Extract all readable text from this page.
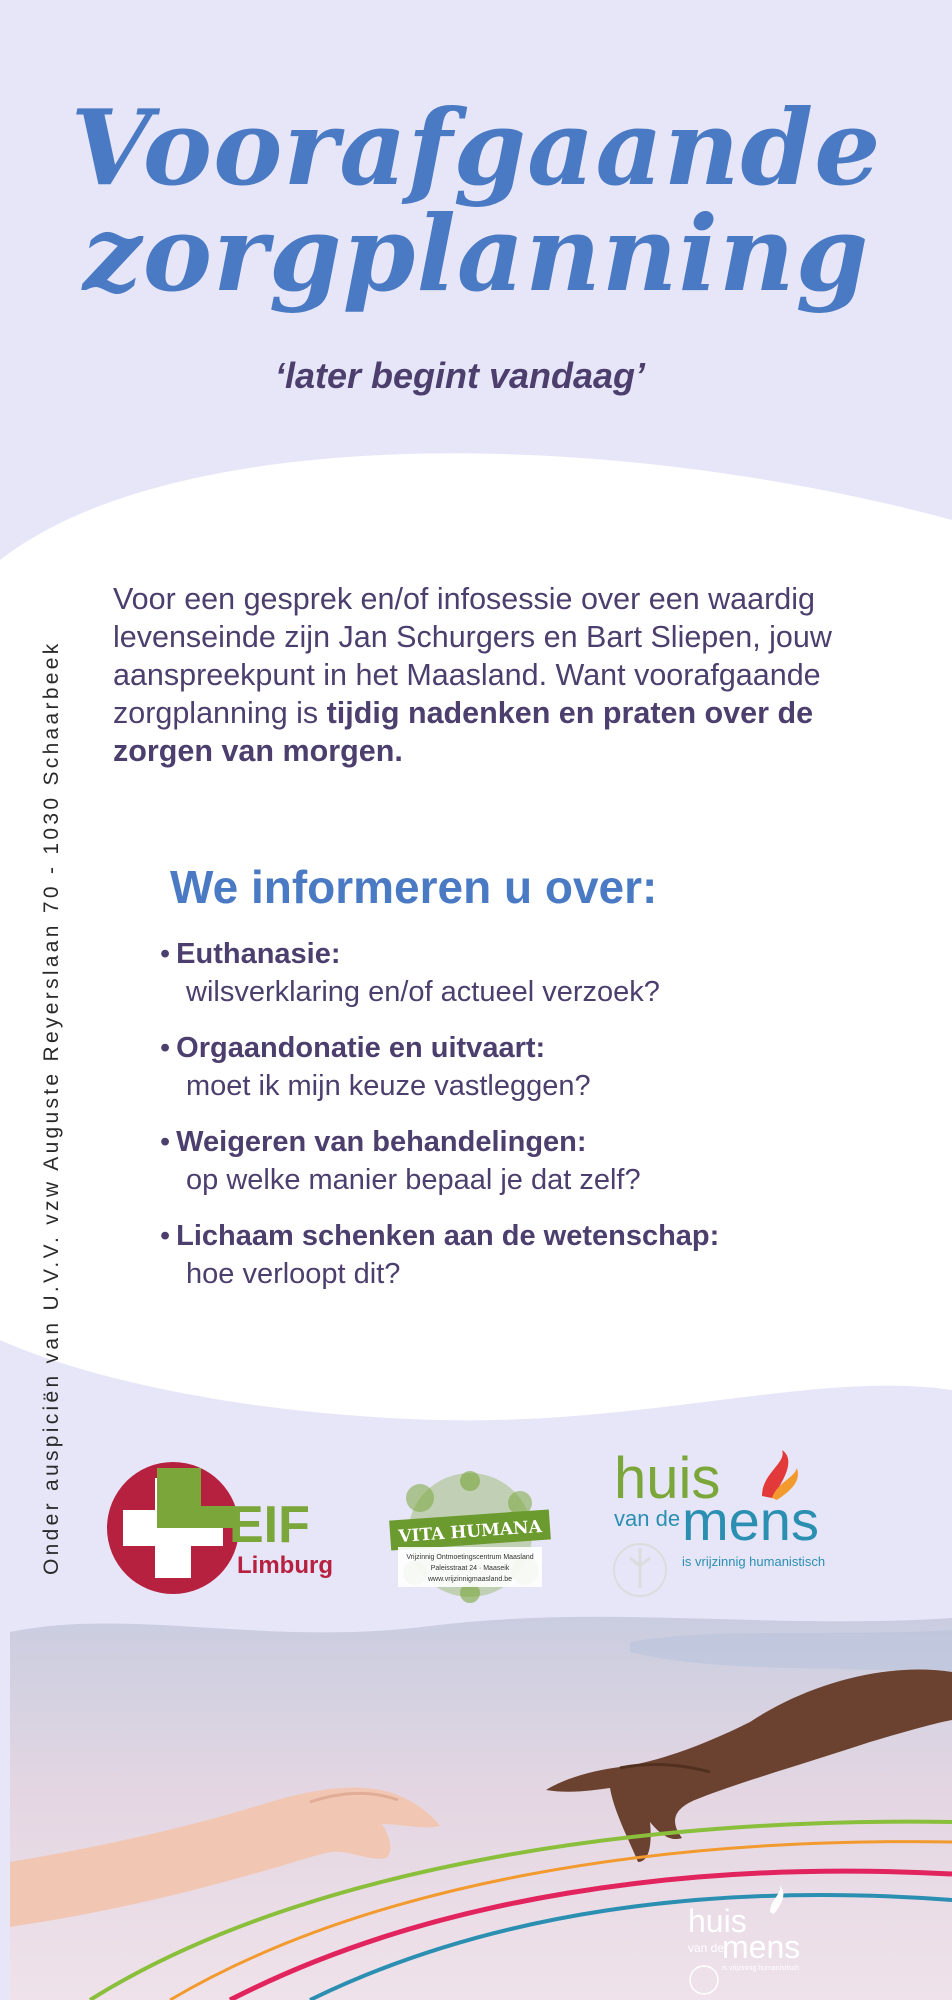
Voorafgaande
zorgplanning
‘later begint vandaag’
Onder auspiciën van U.V.V. vzw Auguste Reyerslaan 70 - 1030 Schaarbeek
Voor een gesprek en/of infosessie over een waardig levenseinde zijn Jan Schurgers en Bart Sliepen, jouw aanspreekpunt in het Maasland. Want voorafgaande zorgplanning is tijdig nadenken en praten over de zorgen van morgen.
We informeren u over:
• Euthanasie:
wilsverklaring en/of actueel verzoek?
• Orgaandonatie en uitvaart:
moet ik mijn keuze vastleggen?
• Weigeren van behandelingen:
op welke manier bepaal je dat zelf?
• Lichaam schenken aan de wetenschap:
hoe verloopt dit?
EIF
Limburg
VITA HUMANA
Vrijzinnig Ontmoetingscentrum Maasland
Paleisstraat 24 · Maaseik
www.vrijzinnigmaasland.be
huis
van de mens
is vrijzinnig humanistisch
huis
van de
mens
is vrijzinnig humanistisch
